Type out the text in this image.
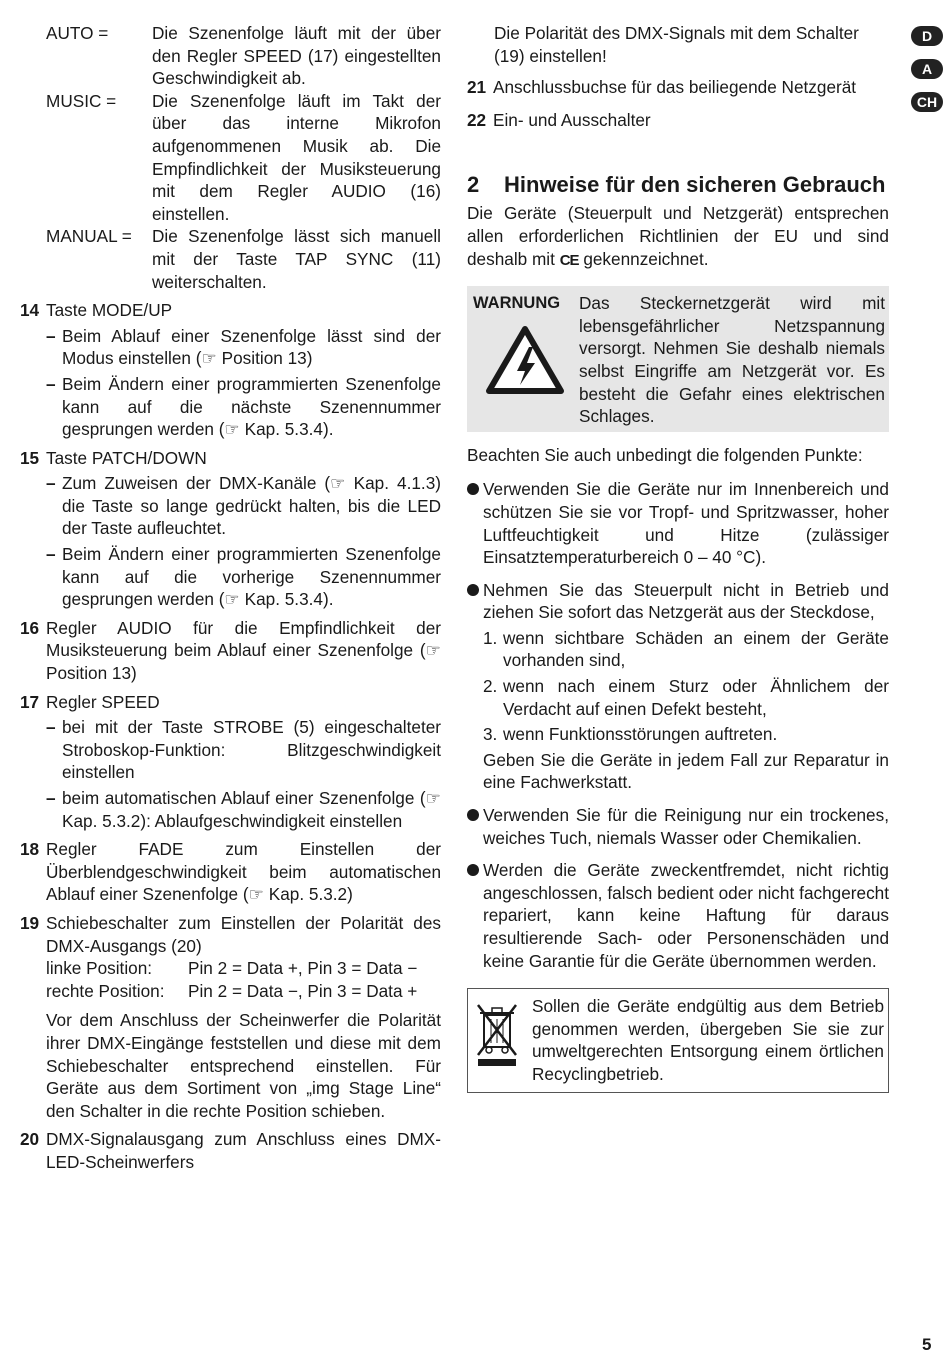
D
A
CH
AUTO =	Die Szenenfolge läuft mit der über den Regler SPEED (17) eingestellten Geschwindigkeit ab.
MUSIC =	Die Szenenfolge läuft im Takt der über das interne Mikrofon aufgenommenen Musik ab. Die Empfindlichkeit der Musiksteuerung mit dem Regler AUDIO (16) einstellen.
MANUAL =	Die Szenenfolge lässt sich manuell mit der Taste TAP SYNC (11) weiterschalten.
14 Taste MODE/UP
– Beim Ablauf einer Szenenfolge lässt sind der Modus einstellen (☞ Position 13)
– Beim Ändern einer programmierten Szenenfolge kann auf die nächste Szenennummer gesprungen werden (☞ Kap. 5.3.4).
15 Taste PATCH/DOWN
– Zum Zuweisen der DMX-Kanäle (☞ Kap. 4.1.3) die Taste so lange gedrückt halten, bis die LED der Taste aufleuchtet.
– Beim Ändern einer programmierten Szenenfolge kann auf die vorherige Szenennummer gesprungen werden (☞ Kap. 5.3.4).
16 Regler AUDIO für die Empfindlichkeit der Musiksteuerung beim Ablauf einer Szenenfolge (☞ Position 13)
17 Regler SPEED
– bei mit der Taste STROBE (5) eingeschalteter Stroboskop-Funktion: Blitzgeschwindigkeit einstellen
– beim automatischen Ablauf einer Szenenfolge (☞ Kap. 5.3.2): Ablaufgeschwindigkeit einstellen
18 Regler FADE zum Einstellen der Überblendgeschwindigkeit beim automatischen Ablauf einer Szenenfolge (☞ Kap. 5.3.2)
19 Schiebeschalter zum Einstellen der Polarität des DMX-Ausgangs (20)
linke Position:	Pin 2 = Data +, Pin 3 = Data −
rechte Position:	Pin 2 = Data −, Pin 3 = Data +
Vor dem Anschluss der Scheinwerfer die Polarität ihrer DMX-Eingänge feststellen und diese mit dem Schiebeschalter entsprechend einstellen. Für Geräte aus dem Sortiment von „img Stage Line“ den Schalter in die rechte Position schieben.
20 DMX-Signalausgang zum Anschluss eines DMX-LED-Scheinwerfers
Die Polarität des DMX-Signals mit dem Schalter (19) einstellen!
21 Anschlussbuchse für das beiliegende Netzgerät
22 Ein- und Ausschalter
2	Hinweise für den sicheren Gebrauch
Die Geräte (Steuerpult und Netzgerät) entsprechen allen erforderlichen Richtlinien der EU und sind deshalb mit CE gekennzeichnet.
WARNUNG	Das Steckernetzgerät wird mit lebensgefährlicher Netzspannung versorgt. Nehmen Sie deshalb niemals selbst Eingriffe am Netzgerät vor. Es besteht die Gefahr eines elektrischen Schlages.
Beachten Sie auch unbedingt die folgenden Punkte:
Verwenden Sie die Geräte nur im Innenbereich und schützen Sie sie vor Tropf- und Spritzwasser, hoher Luftfeuchtigkeit und Hitze (zulässiger Einsatztemperaturbereich 0 – 40 °C).
Nehmen Sie das Steuerpult nicht in Betrieb und ziehen Sie sofort das Netzgerät aus der Steckdose,
1. wenn sichtbare Schäden an einem der Geräte vorhanden sind,
2. wenn nach einem Sturz oder Ähnlichem der Verdacht auf einen Defekt besteht,
3. wenn Funktionsstörungen auftreten.
Geben Sie die Geräte in jedem Fall zur Reparatur in eine Fachwerkstatt.
Verwenden Sie für die Reinigung nur ein trockenes, weiches Tuch, niemals Wasser oder Chemikalien.
Werden die Geräte zweckentfremdet, nicht richtig angeschlossen, falsch bedient oder nicht fachgerecht repariert, kann keine Haftung für daraus resultierende Sach- oder Personenschäden und keine Garantie für die Geräte übernommen werden.
Sollen die Geräte endgültig aus dem Betrieb genommen werden, übergeben Sie sie zur umweltgerechten Entsorgung einem örtlichen Recyclingbetrieb.
5
